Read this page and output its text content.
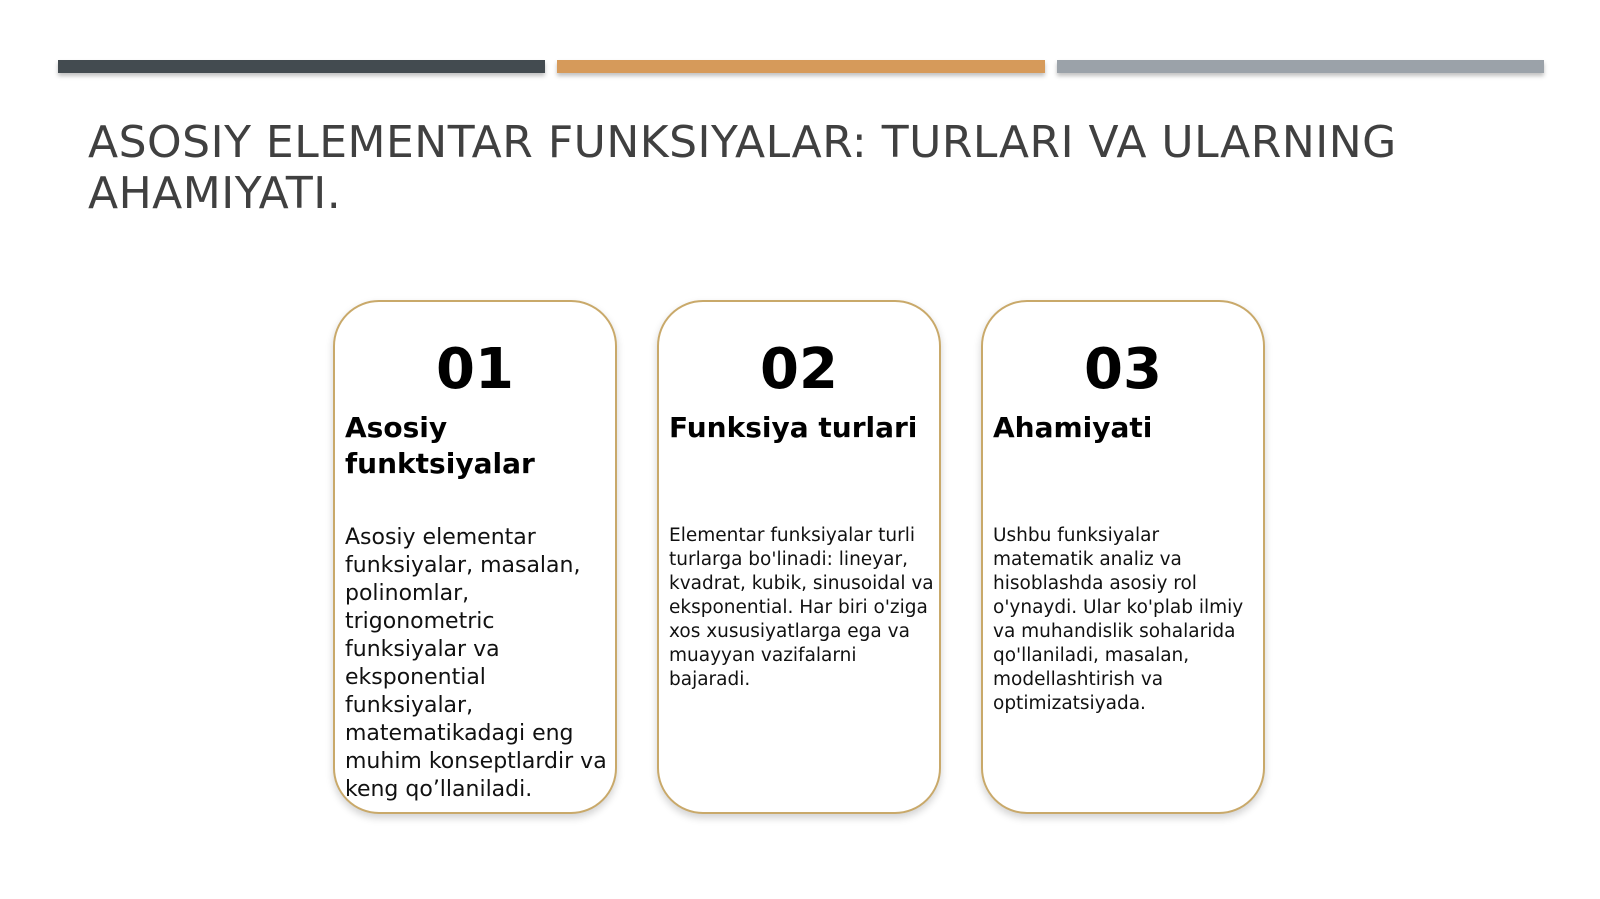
ASOSIY ELEMENTAR FUNKSIYALAR: TURLARI VA ULARNING AHAMIYATI.
01
Asosiy funktsiyalar

Asosiy elementar funksiyalar, masalan, polinomlar, trigonometric funksiyalar va eksponential funksiyalar, matematikadagi eng muhim konseptlardir va keng qo’llaniladi.

02
Funksiya turlari

Elementar funksiyalar turli turlarga bo'linadi: lineyar, kvadrat, kubik, sinusoidal va eksponential. Har biri o'ziga xos xususiyatlarga ega va muayyan vazifalarni bajaradi.

03
Ahamiyati

Ushbu funksiyalar matematik analiz va hisoblashda asosiy rol o'ynaydi. Ular ko'plab ilmiy va muhandislik sohalarida qo'llaniladi, masalan, modellashtirish va optimizatsiyada.
